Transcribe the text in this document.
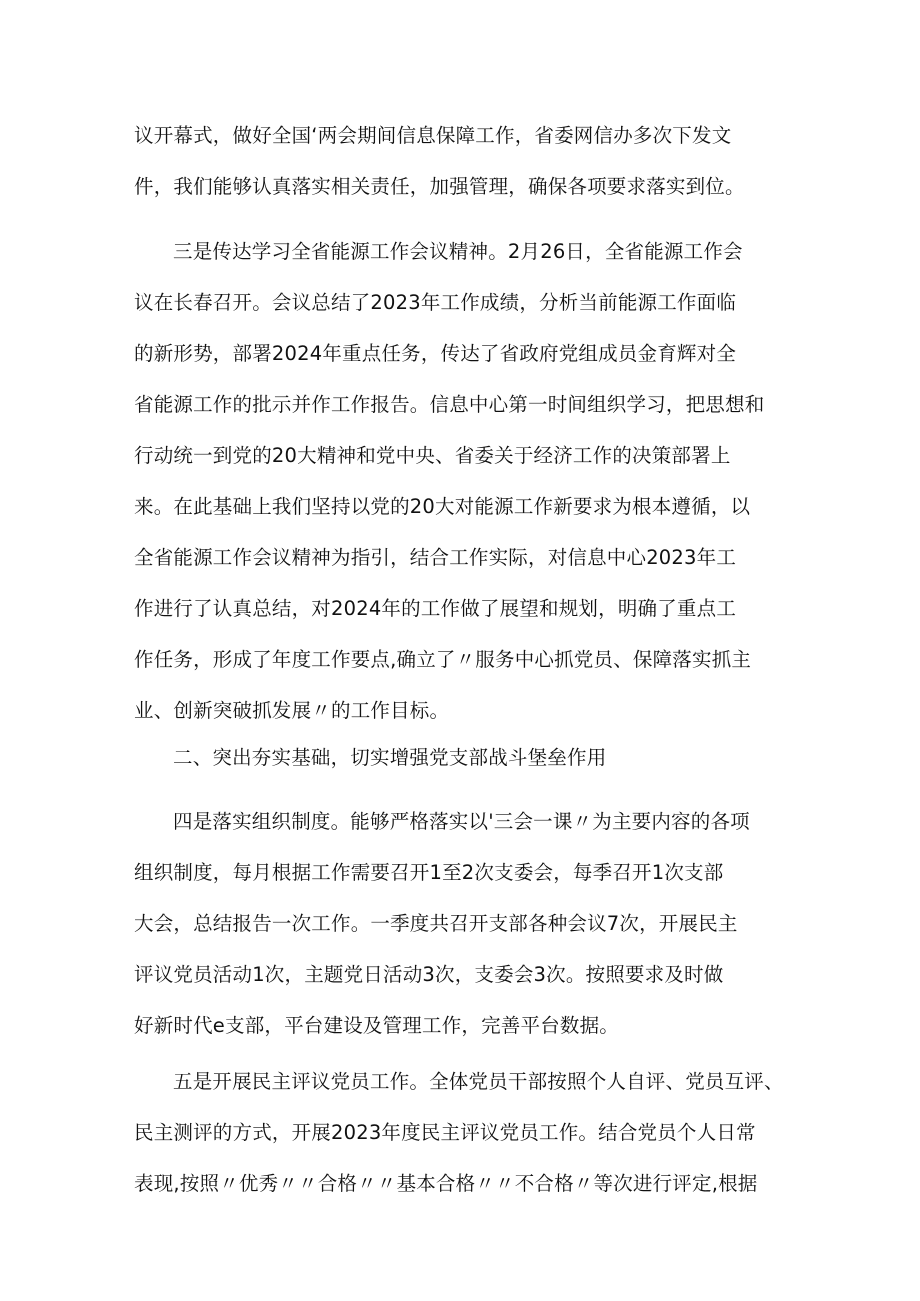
议开幕式，做好全国‘两会期间信息保障工作，省委网信办多次下发文
件，我们能够认真落实相关责任，加强管理，确保各项要求落实到位。
三是传达学习全省能源工作会议精神。2月26日，全省能源工作会
议在长春召开。会议总结了2023年工作成绩，分析当前能源工作面临
的新形势，部署2024年重点任务，传达了省政府党组成员金育辉对全
省能源工作的批示并作工作报告。信息中心第一时间组织学习，把思想和
行动统一到党的20大精神和党中央、省委关于经济工作的决策部署上
来。在此基础上我们坚持以党的20大对能源工作新要求为根本遵循，以
全省能源工作会议精神为指引，结合工作实际，对信息中心2023年工
作进行了认真总结，对2024年的工作做了展望和规划，明确了重点工
作任务，形成了年度工作要点,确立了〃服务中心抓党员、保障落实抓主
业、创新突破抓发展〃的工作目标。
二、突出夯实基础，切实增强党支部战斗堡垒作用
四是落实组织制度。能够严格落实以'三会一课〃为主要内容的各项
组织制度，每月根据工作需要召开1至2次支委会，每季召开1次支部
大会，总结报告一次工作。一季度共召开支部各种会议7次，开展民主
评议党员活动1次，主题党日活动3次，支委会3次。按照要求及时做
好新时代e支部，平台建设及管理工作，完善平台数据。
五是开展民主评议党员工作。全体党员干部按照个人自评、党员互评、
民主测评的方式，开展2023年度民主评议党员工作。结合党员个人日常
表现,按照〃优秀〃〃合格〃〃基本合格〃〃不合格〃等次进行评定,根据
